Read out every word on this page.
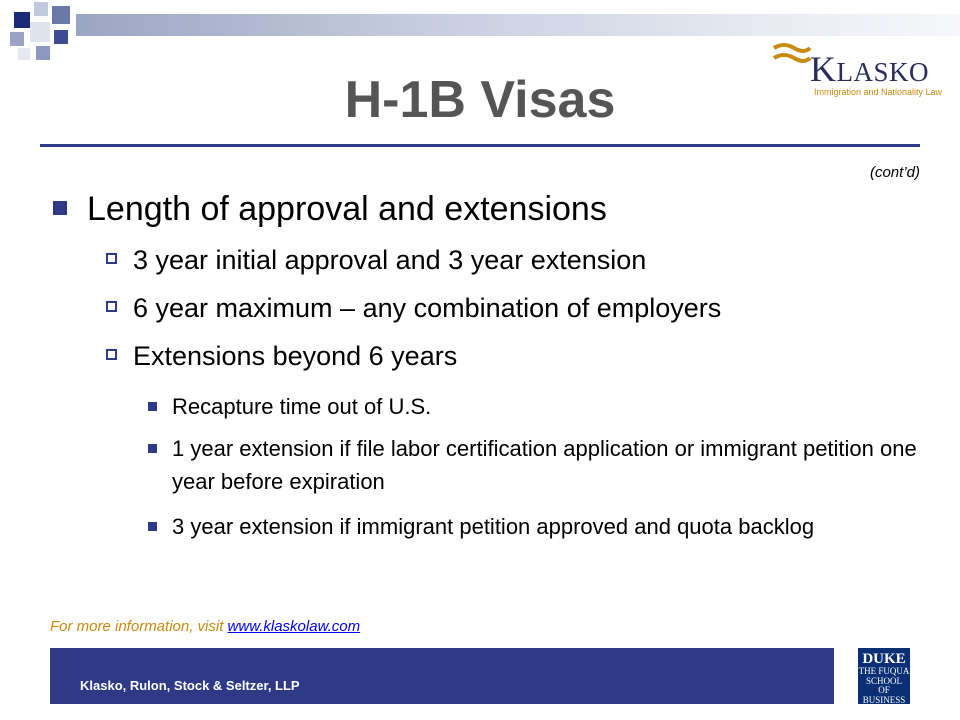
KLASKO
Immigration and Nationality Law
H-1B Visas
(cont’d)
Length of approval and extensions
3 year initial approval and 3 year extension
6 year maximum – any combination of employers
Extensions beyond 6 years
Recapture time out of U.S.
1 year extension if file labor certification application or immigrant petition one year before expiration
3 year extension if immigrant petition approved and quota backlog
For more information, visit www.klaskolaw.com
Klasko, Rulon, Stock & Seltzer, LLP
DUKE
THE FUQUA
SCHOOL
OF BUSINESS
